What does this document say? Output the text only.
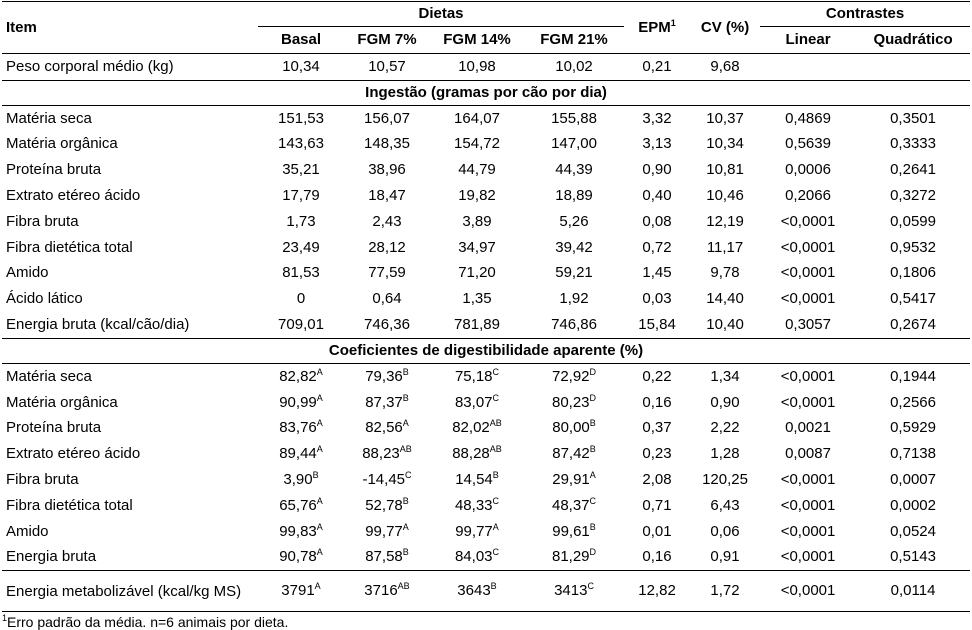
Item	Dietas				EPM$^1$	CV (%)	Contrastes	
	Basal	FGM 7%	FGM 14%	FGM 21%			Linear	Quadrático
Peso corporal médio (kg)	10,34	10,57	10,98	10,02	0,21	9,68		
Ingestão (gramas por cão por dia)								
Matéria seca	151,53	156,07	164,07	155,88	3,32	10,37	0,4869	0,3501
Matéria orgânica	143,63	148,35	154,72	147,00	3,13	10,34	0,5639	0,3333
Proteína bruta	35,21	38,96	44,79	44,39	0,90	10,81	0,0006	0,2641
Extrato etéreo ácido	17,79	18,47	19,82	18,89	0,40	10,46	0,2066	0,3272
Fibra bruta	1,73	2,43	3,89	5,26	0,08	12,19	<0,0001	0,0599
Fibra dietética total	23,49	28,12	34,97	39,42	0,72	11,17	<0,0001	0,9532
Amido	81,53	77,59	71,20	59,21	1,45	9,78	<0,0001	0,1806
Ácido lático	0	0,64	1,35	1,92	0,03	14,40	<0,0001	0,5417
Energia bruta (kcal/cão/dia)	709,01	746,36	781,89	746,86	15,84	10,40	0,3057	0,2674
Coeficientes de digestibilidade aparente (%)								
Matéria seca	$82,82^A$	$79,36^B$	$75,18^C$	$72,92^D$	0,22	1,34	<0,0001	0,1944
Matéria orgânica	$90,99^A$	$87,37^B$	$83,07^C$	$80,23^D$	0,16	0,90	<0,0001	0,2566
Proteína bruta	$83,76^A$	$82,56^A$	$82,02^{AB}$	$80,00^B$	0,37	2,22	0,0021	0,5929
Extrato etéreo ácido	$89,44^A$	$88,23^{AB}$	$88,28^{AB}$	$87,42^B$	0,23	1,28	0,0087	0,7138
Fibra bruta	$3,90^B$	$-14,45^C$	$14,54^B$	$29,91^A$	2,08	120,25	<0,0001	0,0007
Fibra dietética total	$65,76^A$	$52,78^B$	$48,33^C$	$48,37^C$	0,71	6,43	<0,0001	0,0002
Amido	$99,83^A$	$99,77^A$	$99,77^A$	$99,61^B$	0,01	0,06	<0,0001	0,0524
Energia bruta	$90,78^A$	$87,58^B$	$84,03^C$	$81,29^D$	0,16	0,91	<0,0001	0,5143
Energia metabolizável (kcal/kg MS)	$3791^A$	$3716^{AB}$	$3643^B$	$3413^C$	12,82	1,72	<0,0001	0,0114
$^1$Erro padrão da média. n=6 animais por dieta.
